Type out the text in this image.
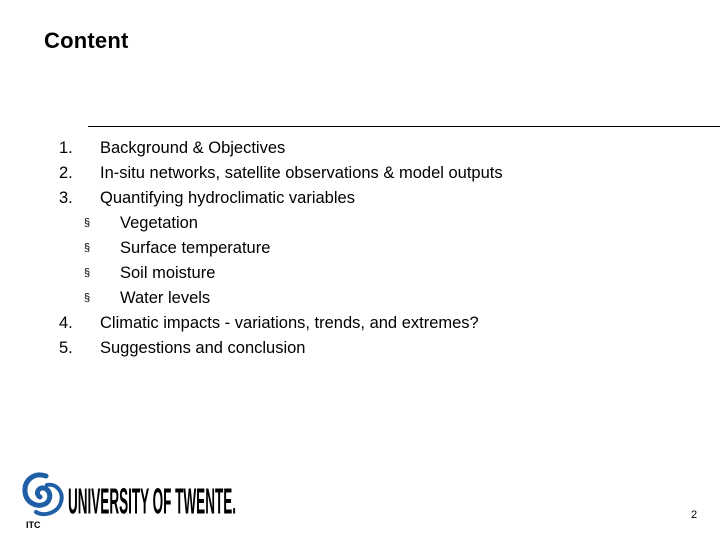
Content
1. Background & Objectives
2. In-situ networks, satellite observations & model outputs
3. Quantifying hydroclimatic variables
§ Vegetation
§ Surface temperature
§ Soil moisture
§ Water levels
4. Climatic impacts - variations, trends, and extremes?
5. Suggestions and conclusion
ITC
UNIVERSITY OF TWENTE.	2
